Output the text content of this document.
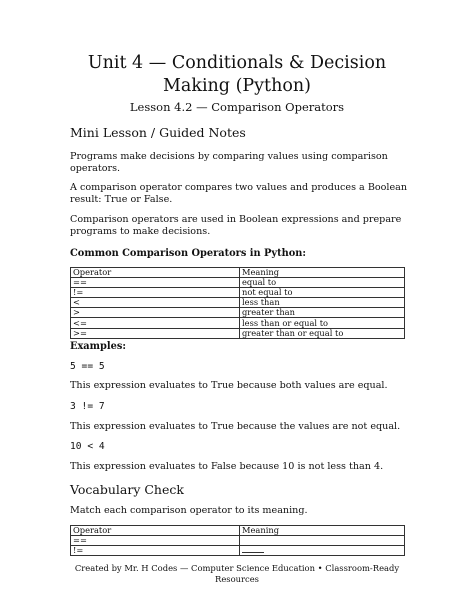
Unit 4 — Conditionals & Decision
Making (Python)
Lesson 4.2 — Comparison Operators
Mini Lesson / Guided Notes
Programs make decisions by comparing values using comparison operators.
A comparison operator compares two values and produces a Boolean result: True or False.
Comparison operators are used in Boolean expressions and prepare programs to make decisions.
Common Comparison Operators in Python:
Operator	Meaning
==	equal to
!=	not equal to
<	less than
>	greater than
<=	less than or equal to
>=	greater than or equal to
Examples:
5 == 5
This expression evaluates to True because both values are equal.
3 != 7
This expression evaluates to True because the values are not equal.
10 < 4
This expression evaluates to False because 10 is not less than 4.
Vocabulary Check
Match each comparison operator to its meaning.
Operator	Meaning
==	
!=	
Created by Mr. H Codes — Computer Science Education • Classroom-Ready
Resources
